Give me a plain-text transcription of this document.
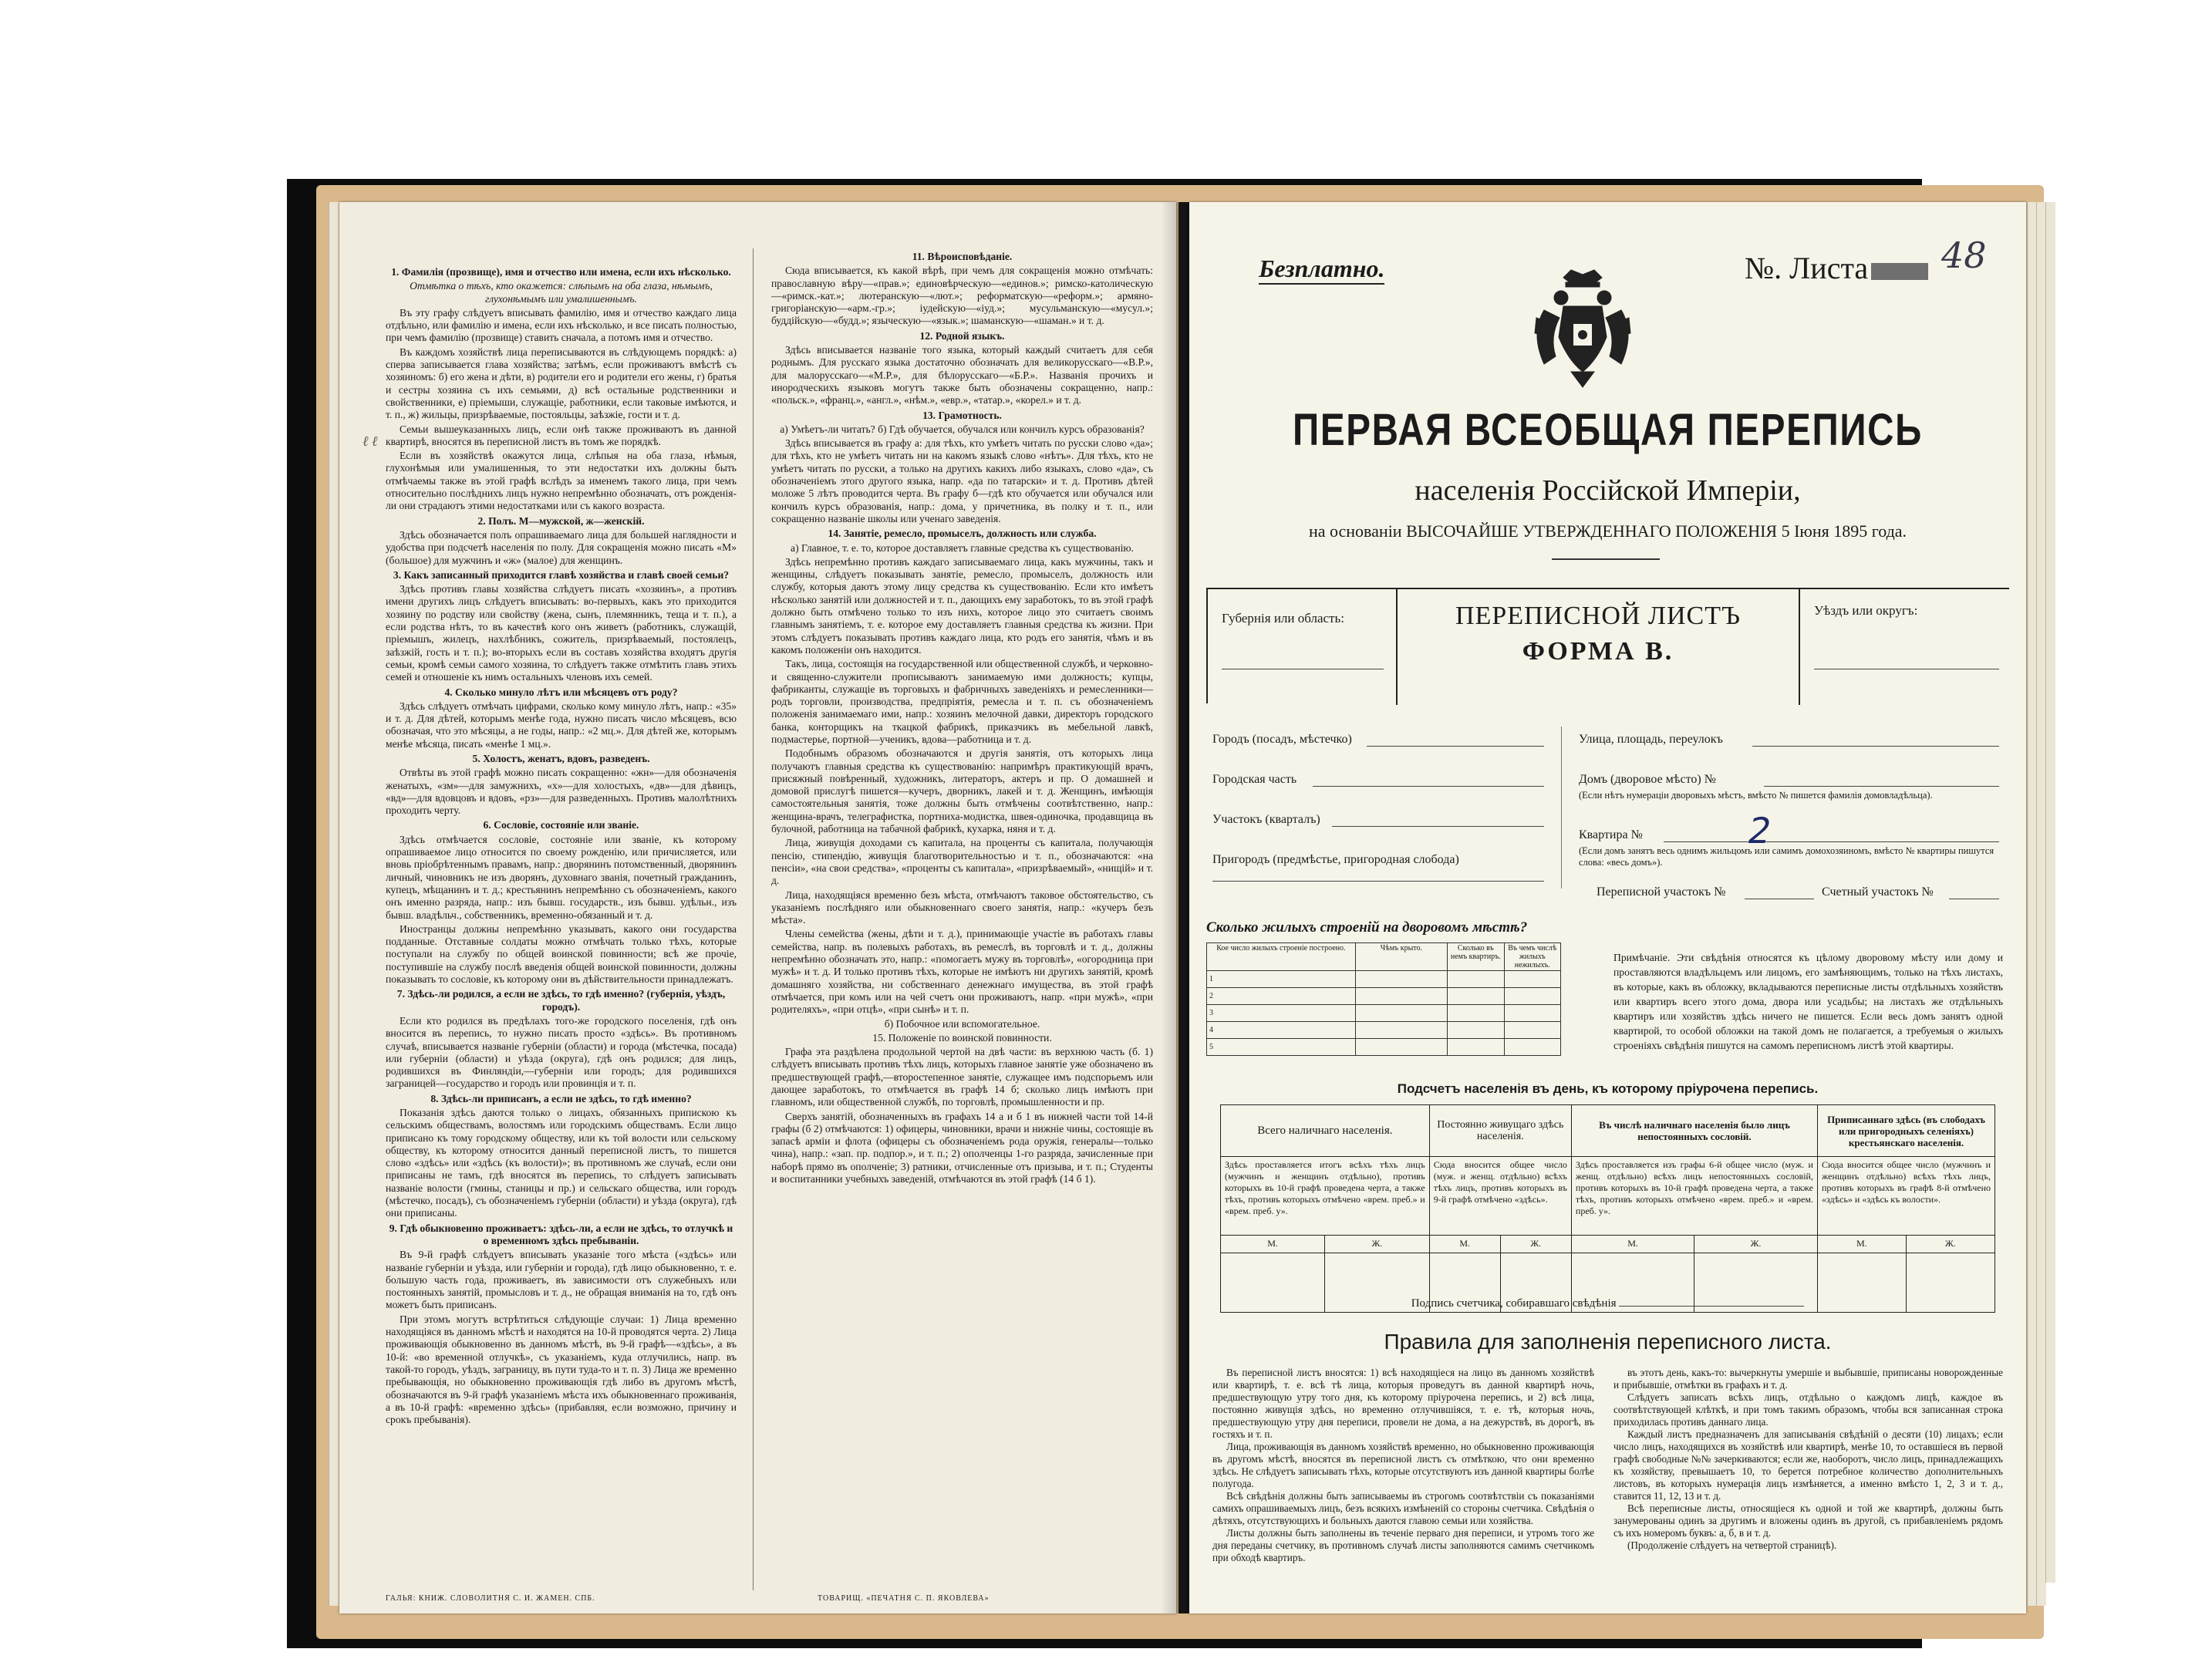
ℓ ℓ

1. Фамилія (прозвище), имя и отчество или имена, если ихъ нѣсколько.

Отмѣтка о тѣхъ, кто окажется: слѣпымъ на оба глаза, нѣмымъ, глухонѣмымъ или умалишеннымъ.

Въ эту графу слѣдуетъ вписывать фамилію, имя и отчество каждаго лица отдѣльно, или фамилію и имена, если ихъ нѣсколько, и все писать полностью, при чемъ фамилію (прозвище) ставить сначала, а потомъ имя и отчество.

Въ каждомъ хозяйствѣ лица переписываются въ слѣдующемъ порядкѣ: а) сперва записывается глава хозяйства; затѣмъ, если проживаютъ вмѣстѣ съ хозяиномъ: б) его жена и дѣти, в) родители его и родители его жены, г) братья и сестры хозяина съ ихъ семьями, д) всѣ остальные родственники и свойственники, е) пріемыши, служащіе, работники, если таковые имѣются, и т. п., ж) жильцы, призрѣваемые, постояльцы, заѣзжіе, гости и т. д.

Семьи вышеуказанныхъ лицъ, если онѣ также проживаютъ въ данной квартирѣ, вносятся въ переписной листъ въ томъ же порядкѣ.

Если въ хозяйствѣ окажутся лица, слѣпыя на оба глаза, нѣмыя, глухонѣмыя или умалишенныя, то эти недостатки ихъ должны быть отмѣчаемы также въ этой графѣ вслѣдъ за именемъ такого лица, при чемъ относительно послѣднихъ лицъ нужно непремѣнно обозначать, отъ рожденія-ли они страдаютъ этими недостатками или съ какого возраста.

2. Полъ. М—мужской, ж—женскій.

Здѣсь обозначается полъ опрашиваемаго лица для большей наглядности и удобства при подсчетѣ населенія по полу. Для сокращенія можно писать «М» (большое) для мужчинъ и «ж» (малое) для женщинъ.

3. Какъ записанный приходится главѣ хозяйства и главѣ своей семьи?

Здѣсь противъ главы хозяйства слѣдуетъ писать «хозяинъ», а противъ имени другихъ лицъ слѣдуетъ вписывать: во-первыхъ, какъ это приходится хозяину по родству или свойству (жена, сынъ, племянникъ, теща и т. п.), а если родства нѣтъ, то въ качествѣ кого онъ живетъ (работникъ, служащій, пріемышъ, жилецъ, нахлѣбникъ, сожитель, призрѣваемый, постоялецъ, заѣзжій, гость и т. п.); во-вторыхъ если въ составъ хозяйства входятъ другія семьи, кромѣ семьи самого хозяина, то слѣдуетъ также отмѣтить главъ этихъ семей и отношеніе къ нимъ остальныхъ членовъ ихъ семей.

4. Сколько минуло лѣтъ или мѣсяцевъ отъ роду?

Здѣсь слѣдуетъ отмѣчать цифрами, сколько кому минуло лѣтъ, напр.: «35» и т. д. Для дѣтей, которымъ менѣе года, нужно писать число мѣсяцевъ, всю обозначая, что это мѣсяцы, а не годы, напр.: «2 мц.». Для дѣтей же, которымъ менѣе мѣсяца, писать «менѣе 1 мц.».

5. Холостъ, женатъ, вдовъ, разведенъ.

Отвѣты въ этой графѣ можно писать сокращенно: «жн»—для обозначенія женатыхъ, «зм»—для замужнихъ, «х»—для холостыхъ, «дв»—для дѣвицъ, «вд»—для вдовцовъ и вдовъ, «рз»—для разведенныхъ. Противъ малолѣтнихъ проходить черту.

6. Сословіе, состояніе или званіе.

Здѣсь отмѣчается сословіе, состояніе или званіе, къ которому опрашиваемое лицо относится по своему рожденію, или причисляется, или вновь пріобрѣтеннымъ правамъ, напр.: дворянинъ потомственный, дворянинъ личный, чиновникъ не изъ дворянъ, духовнаго званія, почетный гражданинъ, купецъ, мѣщанинъ и т. д.; крестьянинъ непремѣнно съ обозначеніемъ, какого онъ именно разряда, напр.: изъ бывш. государств., изъ бывш. удѣльн., изъ бывш. владѣльч., собственникъ, временно-обязанный и т. д.

Иностранцы должны непремѣнно указывать, какого они государства подданные. Отставные солдаты можно отмѣчать только тѣхъ, которые поступали на службу по общей воинской повинности; всѣ же прочіе, поступившіе на службу послѣ введенія общей воинской повинности, должны показывать то сословіе, къ которому они въ дѣйствительности принадлежатъ.

7. Здѣсь-ли родился, а если не здѣсь, то гдѣ именно? (губернія, уѣздъ, городъ).

Если кто родился въ предѣлахъ того-же городского поселенія, гдѣ онъ вносится въ перепись, то нужно писать просто «здѣсь». Въ противномъ случаѣ, вписывается названіе губерніи (области) и города (мѣстечка, посада) или губерніи (области) и уѣзда (округа), гдѣ онъ родился; для лицъ, родившихся въ Финляндіи,—губерніи или городъ; для родившихся заграницей—государство и городъ или провинція и т. п.

8. Здѣсь-ли приписанъ, а если не здѣсь, то гдѣ именно?

Показанія здѣсь даются только о лицахъ, обязанныхъ припискою къ сельскимъ обществамъ, волостямъ или городскимъ обществамъ. Если лицо приписано къ тому городскому обществу, или къ той волости или сельскому обществу, къ которому относится данный переписной листъ, то пишется слово «здѣсь» или «здѣсь (къ волости)»; въ противномъ же случаѣ, если они приписаны не тамъ, гдѣ вносятся въ перепись, то слѣдуетъ записывать названіе волости (гмины, станицы и пр.) и сельскаго общества, или городъ (мѣстечко, посадъ), съ обозначеніемъ губерніи (области) и уѣзда (округа), гдѣ они приписаны.

9. Гдѣ обыкновенно проживаетъ: здѣсь-ли, а если не здѣсь, то отлучкѣ и о временномъ здѣсь пребываніи.

Въ 9-й графѣ слѣдуетъ вписывать указаніе того мѣста («здѣсь» или названіе губерніи и уѣзда, или губерніи и города), гдѣ лицо обыкновенно, т. е. большую часть года, проживаетъ, въ зависимости отъ служебныхъ или постоянныхъ занятій, промысловъ и т. д., не обращая вниманія на то, гдѣ онъ можетъ быть приписанъ.

При этомъ могутъ встрѣтиться слѣдующіе случаи: 1) Лица временно находящіяся въ данномъ мѣстѣ и находятся на 10-й проводятся черта. 2) Лица проживающія обыкновенно въ данномъ мѣстѣ, въ 9-й графѣ—«здѣсь», а въ 10-й: «во временной отлучкѣ», съ указаніемъ, куда отлучились, напр. въ такой-то городъ, уѣздъ, заграницу, въ пути туда-то и т. п. 3) Лица же временно пребывающія, но обыкновенно проживающія гдѣ либо въ другомъ мѣстѣ, обозначаются въ 9-й графѣ указаніемъ мѣста ихъ обыкновеннаго проживанія, а въ 10-й графѣ: «временно здѣсь» (прибавляя, если возможно, причину и срокъ пребыванія).

11. Вѣроисповѣданіе.

Сюда вписывается, къ какой вѣрѣ, при чемъ для сокращенія можно отмѣчать: православную вѣру—«прав.»; единовѣрческую—«единов.»; римско-католическую—«римск.-кат.»; лютеранскую—«лют.»; реформатскую—«реформ.»; армяно-григоріанскую—«арм.-гр.»; іудейскую—«іуд.»; мусульманскую—«мусул.»; буддійскую—«будд.»; языческую—«язык.»; шаманскую—«шаман.» и т. д.

12. Родной языкъ.

Здѣсь вписывается названіе того языка, который каждый считаетъ для себя роднымъ. Для русскаго языка достаточно обозначать для великорусскаго—«В.Р.», для малорусскаго—«М.Р.», для бѣлорусскаго—«Б.Р.». Названія прочихъ и инородческихъ языковъ могутъ также быть обозначены сокращенно, напр.: «польск.», «франц.», «англ.», «нѣм.», «евр.», «татар.», «корел.» и т. д.

13. Грамотность.

а) Умѣетъ-ли читать? б) Гдѣ обучается, обучался или кончилъ курсъ образованія?

Здѣсь вписывается въ графу а: для тѣхъ, кто умѣетъ читать по русски слово «да»; для тѣхъ, кто не умѣетъ читать ни на какомъ языкѣ слово «нѣтъ». Для тѣхъ, кто не умѣетъ читать по русски, а только на другихъ какихъ либо языкахъ, слово «да», съ обозначеніемъ этого другого языка, напр. «да по татарски» и т. д. Противъ дѣтей моложе 5 лѣтъ проводится черта. Въ графу б—гдѣ кто обучается или обучался или кончилъ курсъ образованія, напр.: дома, у причетника, въ полку и т. п., или сокращенно названіе школы или ученаго заведенія.

14. Занятіе, ремесло, промыселъ, должность или служба.

а) Главное, т. е. то, которое доставляетъ главные средства къ существованію.

Здѣсь непремѣнно противъ каждаго записываемаго лица, какъ мужчины, такъ и женщины, слѣдуетъ показывать занятіе, ремесло, промыселъ, должность или службу, которыя даютъ этому лицу средства къ существованію. Если кто имѣетъ нѣсколько занятій или должностей и т. п., дающихъ ему заработокъ, то въ этой графѣ должно быть отмѣчено только то изъ нихъ, которое лицо это считаетъ своимъ главнымъ занятіемъ, т. е. которое ему доставляетъ главныя средства къ жизни. При этомъ слѣдуетъ показывать противъ каждаго лица, кто родъ его занятія, чѣмъ и въ какомъ положеніи онъ находится.

Такъ, лица, состоящія на государственной или общественной службѣ, и черковно-и священно-служители прописываютъ занимаемую ими должность; купцы, фабриканты, служащіе въ торговыхъ и фабричныхъ заведеніяхъ и ремесленники—родъ торговли, производства, предпріятія, ремесла и т. п. съ обозначеніемъ положенія занимаемаго ими, напр.: хозяинъ мелочной давки, директоръ городского банка, конторщикъ на ткацкой фабрикѣ, приказчикъ въ мебельной лавкѣ, подмастерье, портной—ученикъ, вдова—работница и т. д.

Подобнымъ образомъ обозначаются и другія занятія, отъ которыхъ лица получаютъ главныя средства къ существованію: напримѣръ практикующій врачъ, присяжный повѣренный, художникъ, литераторъ, актеръ и пр. О домашней и домовой прислугѣ пишется—кучеръ, дворникъ, лакей и т. д. Женщинъ, имѣющія самостоятельныя занятія, тоже должны быть отмѣчены соотвѣтственно, напр.: женщина-врачъ, телеграфистка, портниха-модистка, швея-одиночка, продавщица въ булочной, работница на табачной фабрикѣ, кухарка, няня и т. д.

Лица, живущія доходами съ капитала, на проценты съ капитала, получающія пенсію, стипендію, живущія благотворительностью и т. п., обозначаются: «на пенсіи», «на свои средства», «проценты съ капитала», «призрѣваемый», «нищій» и т. д.

Лица, находящіяся временно безъ мѣста, отмѣчаютъ таковое обстоятельство, съ указаніемъ послѣдняго или обыкновеннаго своего занятія, напр.: «кучеръ безъ мѣста».

Члены семейства (жены, дѣти и т. д.), принимающіе участіе въ работахъ главы семейства, напр. въ полевыхъ работахъ, въ ремеслѣ, въ торговлѣ и т. д., должны непремѣнно обозначать это, напр.: «помогаетъ мужу въ торговлѣ», «огородница при мужѣ» и т. д. И только противъ тѣхъ, которые не имѣютъ ни другихъ занятій, кромѣ домашняго хозяйства, ни собственнаго денежнаго имущества, въ этой графѣ отмѣчается, при комъ или на чей счетъ они проживаютъ, напр. «при мужѣ», «при родителяхъ», «при отцѣ», «при сынѣ» и т. п.

б) Побочное или вспомогательное.

15. Положеніе по воинской повинности.

Графа эта раздѣлена продольной чертой на двѣ части: въ верхнюю часть (б. 1) слѣдуетъ вписывать противъ тѣхъ лицъ, которыхъ главное занятіе уже обозначено въ предшествующей графѣ,—второстепенное занятіе, служащее имъ подспорьемъ или дающее заработокъ, то отмѣчается въ графѣ 14 б; сколько лицъ имѣютъ при главномъ, или общественной службѣ, по торговлѣ, промышленности и пр.

Сверхъ занятій, обозначенныхъ въ графахъ 14 а и б 1 въ нижней части той 14-й графы (б 2) отмѣчаются: 1) офицеры, чиновники, врачи и нижніе чины, состоящіе въ запасѣ арміи и флота (офицеры съ обозначеніемъ рода оружія, генералы—только чина), напр.: «зап. пр. подпор.», и т. п.; 2) ополченцы 1-го разряда, зачисленные при наборѣ прямо въ ополченіе; 3) ратники, отчисленные отъ призыва, и т. п.; Студенты и воспитанники учебныхъ заведеній, отмѣчаются въ этой графѣ (14 б 1).

ГАЛЬЯ: КНИЖ. СЛОВОЛИТНЯ С. И. ЖАМЕН. СПБ.	ТОВАРИЩ. «ПЕЧАТНЯ С. П. ЯКОВЛЕВА»
Безплатно.	№. Листа	48
ПЕРВАЯ ВСЕОБЩАЯ ПЕРЕПИСЬ
населенія Россійской Имперіи,
на основаніи ВЫСОЧАЙШЕ УТВЕРЖДЕННАГО ПОЛОЖЕНІЯ 5 Іюня 1895 года.
Губернія или область:	ПЕРЕПИСНОЙ ЛИСТЪ
ФОРМА В.
Уѣздъ или округъ:
Городъ (посадъ, мѣстечко)
Городская часть
Участокъ (кварталъ)
Пригородъ (предмѣстье, пригородная слобода)
Улица, площадь, переулокъ
Домъ (дворовое мѣсто) №
(Если нѣтъ нумераціи дворовыхъ мѣстъ, вмѣсто № пишется фамилія домовладѣльца).
Квартира №	2
(Если домъ занятъ весь однимъ жильцомъ или самимъ домохозяиномъ, вмѣсто № квартиры пишутся слова: «весь домъ»).
Переписной участокъ №	Счетный участокъ №
Сколько жилыхъ строеній на дворовомъ мѣстѣ?
Кое число жилыхъ строеніе построено.	Чѣмъ крыто.	Сколько въ немъ квартиръ.	Въ чемъ числѣ жилыхъ нежилыхъ.
1			
2			
3			
4			
5			
Примѣчаніе. Эти свѣдѣнія относятся къ цѣлому дворовому мѣсту или дому и проставляются владѣльцемъ или лицомъ, его замѣняющимъ, только на тѣхъ листахъ, въ которые, какъ въ обложку, вкладываются переписные листы отдѣльныхъ хозяйствъ или квартиръ всего этого дома, двора или усадьбы; на листахъ же отдѣльныхъ квартиръ или хозяйствъ здѣсь ничего не пишется. Если весь домъ занятъ одной квартирой, то особой обложки на такой домъ не полагается, а требуемыя о жилыхъ строеніяхъ свѣдѣнія пишутся на самомъ переписномъ листѣ этой квартиры.
Подсчетъ населенія въ день, къ которому пріурочена перепись.
Всего наличнаго населенія.		Постоянно живущаго здѣсь населенія.		Въ числѣ наличнаго населенія было лицъ непостоянныхъ сословій.		Приписаннаго здѣсь (въ слободахъ или пригородныхъ селеніяхъ) крестьянскаго населенія.	
Здѣсь проставляется итогъ всѣхъ тѣхъ лицъ (мужчинъ и женщинъ отдѣльно), противъ которыхъ въ 10-й графѣ проведена черта, а также тѣхъ, противъ которыхъ отмѣчено «врем. преб.» и «врем. преб. у».		Сюда вносится общее число (муж. и женщ. отдѣльно) всѣхъ тѣхъ лицъ, противъ которыхъ въ 9-й графѣ отмѣчено «здѣсь».		Здѣсь проставляется изъ графы 6-й общее число (муж. и женщ. отдѣльно) всѣхъ лицъ непостоянныхъ сословій, противъ которыхъ въ 10-й графѣ проведена черта, а также тѣхъ, противъ которыхъ отмѣчено «врем. преб.» и «врем. преб. у».		Сюда вносится общее число (мужчинъ и женщинъ отдѣльно) всѣхъ тѣхъ лицъ, противъ которыхъ въ графѣ 8-й отмѣчено «здѣсь» и «здѣсь къ волости».	
М.	Ж.	М.	Ж.	М.	Ж.	М.	Ж.

Подпись счетчика, собиравшаго свѣдѣнія
Правила для заполненія переписного листа.

Въ переписной листъ вносятся: 1) всѣ находящіеся на лицо въ данномъ хозяйствѣ или квартирѣ, т. е. всѣ тѣ лица, которыя проведутъ въ данной квартирѣ ночь, предшествующую утру того дня, къ которому пріурочена перепись, и 2) всѣ лица, постоянно живущія здѣсь, но временно отлучившіяся, т. е. тѣ, которыя ночь, предшествующую утру дня переписи, провели не дома, а на дежурствѣ, въ дорогѣ, въ гостяхъ и т. п.

Лица, проживающія въ данномъ хозяйствѣ временно, но обыкновенно проживающія въ другомъ мѣстѣ, вносятся въ переписной листъ съ отмѣткою, что они временно здѣсь. Не слѣдуетъ записывать тѣхъ, которые отсутствуютъ изъ данной квартиры болѣе полугода.

Всѣ свѣдѣнія должны быть записываемы въ строгомъ соотвѣтствіи съ показаніями самихъ опрашиваемыхъ лицъ, безъ всякихъ измѣненій со стороны счетчика. Свѣдѣнія о дѣтяхъ, отсутствующихъ и больныхъ даются главою семьи или хозяйства.

Листы должны быть заполнены въ теченіе перваго дня переписи, и утромъ того же дня переданы счетчику, въ противномъ случаѣ листы заполняются самимъ счетчикомъ при обходѣ квартиръ.

въ этотъ день, какъ-то: вычеркнуты умершіе и выбывшіе, приписаны новорожденные и прибывшіе, отмѣтки въ графахъ и т. д.

Слѣдуетъ записать всѣхъ лицъ, отдѣльно о каждомъ лицѣ, каждое въ соотвѣтствующей клѣткѣ, и при томъ такимъ образомъ, чтобы вся записанная строка приходилась противъ даннаго лица.

Каждый листъ предназначенъ для записыванія свѣдѣній о десяти (10) лицахъ; если число лицъ, находящихся въ хозяйствѣ или квартирѣ, менѣе 10, то оставшіеся въ первой графѣ свободные №№ зачеркиваются; если же, наоборотъ, число лицъ, принадлежащихъ къ хозяйству, превышаетъ 10, то берется потребное количество дополнительныхъ листовъ, въ которыхъ нумерація лицъ измѣняется, а именно вмѣсто 1, 2, 3 и т. д., ставится 11, 12, 13 и т. д.

Всѣ переписные листы, относящіеся къ одной и той же квартирѣ, должны быть занумерованы одинъ за другимъ и вложены одинъ въ другой, съ прибавленіемъ рядомъ съ ихъ номеромъ буквъ: а, б, в и т. д.

(Продолженіе слѣдуетъ на четвертой страницѣ).
